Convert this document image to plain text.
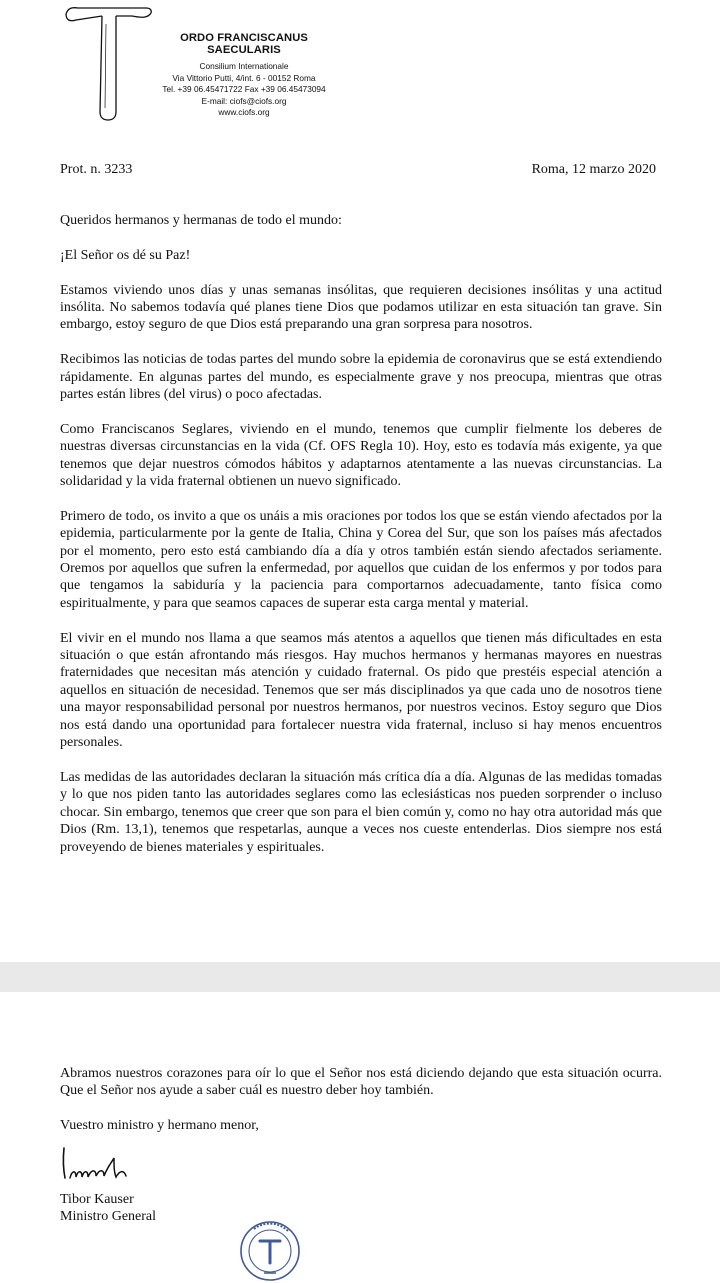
ORDO FRANCISCANUS SAECULARIS

Consilium Internationale

Via Vittorio Putti, 4/int. 6 - 00152 Roma

Tel. +39 06.45471722 Fax +39 06.45473094

E-mail: ciofs@ciofs.org

www.ciofs.org

Prot. n. 3233	Roma, 12 marzo 2020

Queridos hermanos y hermanas de todo el mundo:

¡El Señor os dé su Paz!

Estamos viviendo unos días y unas semanas insólitas, que requieren decisiones insólitas y una actitud insólita. No sabemos todavía qué planes tiene Dios que podamos utilizar en esta situación tan grave. Sin embargo, estoy seguro de que Dios está preparando una gran sorpresa para nosotros.

Recibimos las noticias de todas partes del mundo sobre la epidemia de coronavirus que se está extendiendo rápidamente. En algunas partes del mundo, es especialmente grave y nos preocupa, mientras que otras partes están libres (del virus) o poco afectadas.

Como Franciscanos Seglares, viviendo en el mundo, tenemos que cumplir fielmente los deberes de nuestras diversas circunstancias en la vida (Cf. OFS Regla 10). Hoy, esto es todavía más exigente, ya que tenemos que dejar nuestros cómodos hábitos y adaptarnos atentamente a las nuevas circunstancias. La solidaridad y la vida fraternal obtienen un nuevo significado.

Primero de todo, os invito a que os unáis a mis oraciones por todos los que se están viendo afectados por la epidemia, particularmente por la gente de Italia, China y Corea del Sur, que son los países más afectados por el momento, pero esto está cambiando día a día y otros también están siendo afectados seriamente. Oremos por aquellos que sufren la enfermedad, por aquellos que cuidan de los enfermos y por todos para que tengamos la sabiduría y la paciencia para comportarnos adecuadamente, tanto física como espiritualmente, y para que seamos capaces de superar esta carga mental y material.

El vivir en el mundo nos llama a que seamos más atentos a aquellos que tienen más dificultades en esta situación o que están afrontando más riesgos. Hay muchos hermanos y hermanas mayores en nuestras fraternidades que necesitan más atención y cuidado fraternal. Os pido que prestéis especial atención a aquellos en situación de necesidad. Tenemos que ser más disciplinados ya que cada uno de nosotros tiene una mayor responsabilidad personal por nuestros hermanos, por nuestros vecinos. Estoy seguro que Dios nos está dando una oportunidad para fortalecer nuestra vida fraternal, incluso si hay menos encuentros personales.

Las medidas de las autoridades declaran la situación más crítica día a día. Algunas de las medidas tomadas y lo que nos piden tanto las autoridades seglares como las eclesiásticas nos pueden sorprender o incluso chocar. Sin embargo, tenemos que creer que son para el bien común y, como no hay otra autoridad más que Dios (Rm. 13,1), tenemos que respetarlas, aunque a veces nos cueste entenderlas. Dios siempre nos está proveyendo de bienes materiales y espirituales.

Abramos nuestros corazones para oír lo que el Señor nos está diciendo dejando que esta situación ocurra. Que el Señor nos ayude a saber cuál es nuestro deber hoy también.

Vuestro ministro y hermano menor,

Tibor Kauser
Ministro General
